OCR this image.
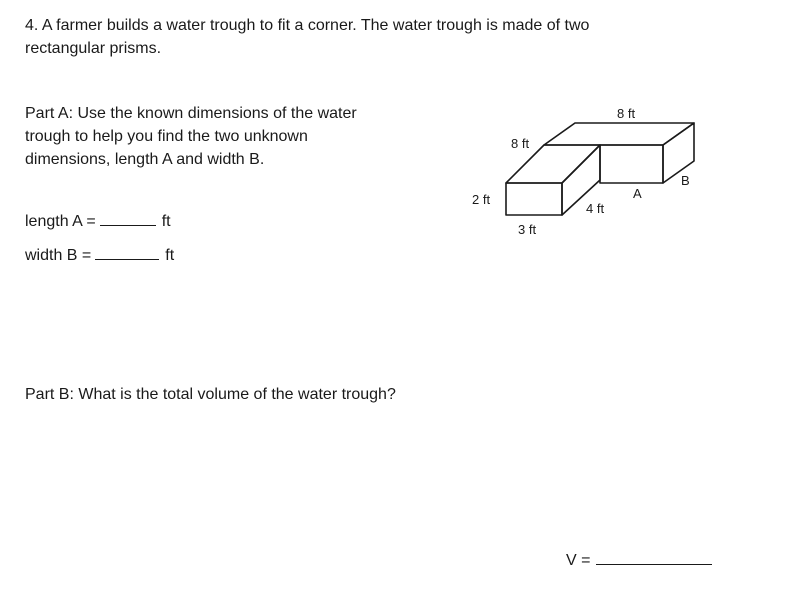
4. A farmer builds a water trough to fit a corner. The water trough is made of two
rectangular prisms.
Part A: Use the known dimensions of the water
trough to help you find the two unknown
dimensions, length A and width B.
length A =	ft
width B =	ft
Part B: What is the total volume of the water trough?
V =
8 ft
8 ft
2 ft
3 ft
4 ft
A
B
